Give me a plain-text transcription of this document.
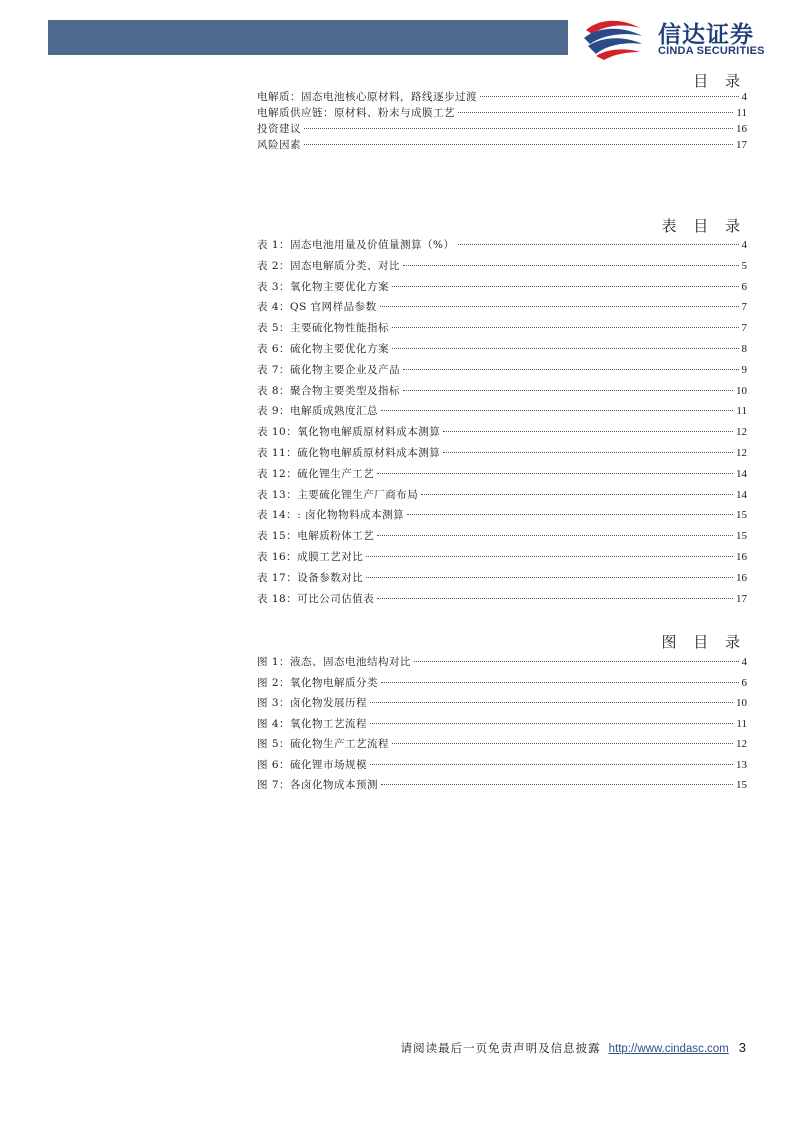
信达证券
CINDA SECURITIES
目 录
电解质：固态电池核心原材料，路线逐步过渡	4
电解质供应链：原材料、粉末与成膜工艺	11
投资建议	16
风险因素	17
表 目 录
表 1：固态电池用量及价值量测算（%）	4
表 2：固态电解质分类、对比	5
表 3：氧化物主要优化方案	6
表 4：QS 官网样品参数	7
表 5：主要硫化物性能指标	7
表 6：硫化物主要优化方案	8
表 7：硫化物主要企业及产品	9
表 8：聚合物主要类型及指标	10
表 9：电解质成熟度汇总	11
表 10：氧化物电解质原材料成本测算	12
表 11：硫化物电解质原材料成本测算	12
表 12：硫化锂生产工艺	14
表 13：主要硫化锂生产厂商布局	14
表 14：: 卤化物物料成本测算	15
表 15：电解质粉体工艺	15
表 16：成膜工艺对比	16
表 17：设备参数对比	16
表 18：可比公司估值表	17
图 目 录
图 1：液态、固态电池结构对比	4
图 2：氧化物电解质分类	6
图 3：卤化物发展历程	10
图 4：氧化物工艺流程	11
图 5：硫化物生产工艺流程	12
图 6：硫化锂市场规模	13
图 7：各卤化物成本预测	15
请阅读最后一页免责声明及信息披露 http://www.cindasc.com 3
